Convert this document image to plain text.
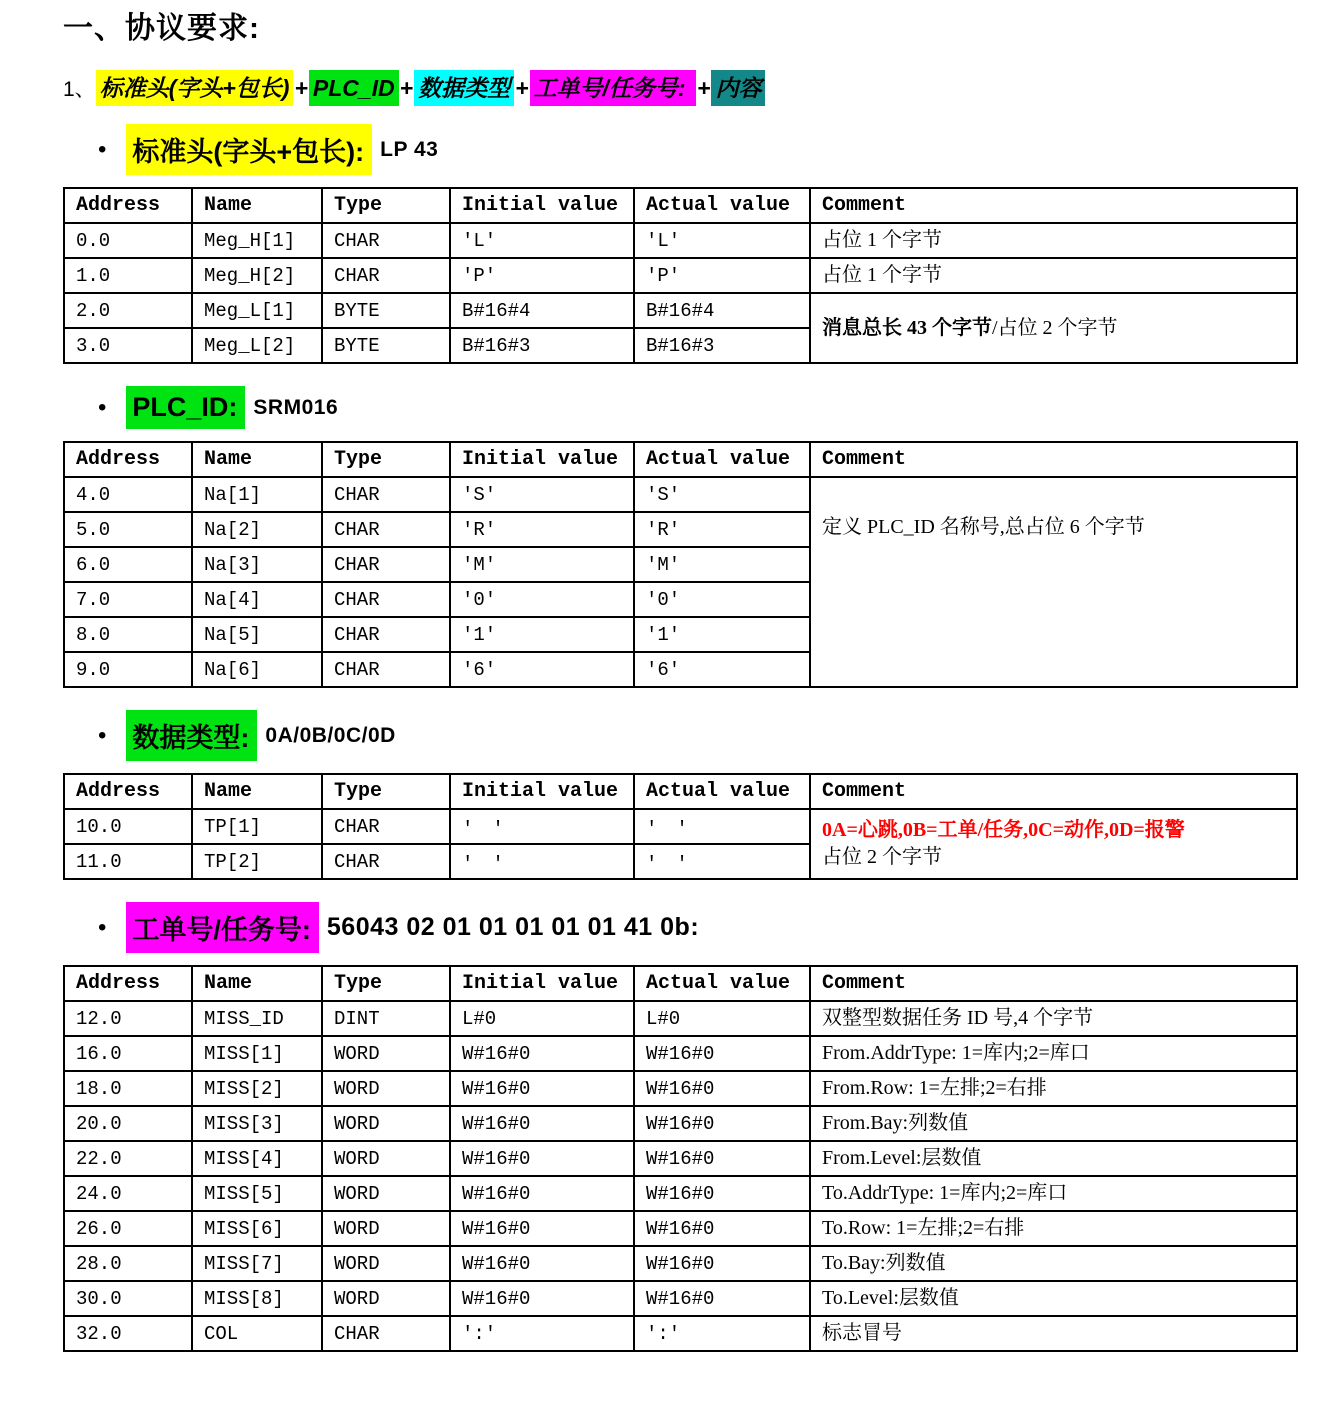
一、协议要求:
1、 标准头(字头+包长) + PLC_ID + 数据类型 + 工单号/任务号: + 内容
• 标准头(字头+包长): LP 43
Address	Name	Type	Initial value	Actual value	Comment
0.0	Meg_H[1]	CHAR	'L'	'L'	占位 1 个字节

1.0	Meg_H[2]	CHAR	'P'	'P'	占位 1 个字节

2.0	Meg_L[1]	BYTE	B#16#4	B#16#4	消息总长 43 个字节/占位 2 个字节

3.0	Meg_L[2]	BYTE	B#16#3	B#16#3	
• PLC_ID: SRM016
Address	Name	Type	Initial value	Actual value	Comment
4.0	Na[1]	CHAR	'S'	'S'	定义 PLC_ID 名称号,总占位 6 个字节

5.0	Na[2]	CHAR	'R'	'R'	
6.0	Na[3]	CHAR	'M'	'M'	
7.0	Na[4]	CHAR	'0'	'0'	
8.0	Na[5]	CHAR	'1'	'1'	
9.0	Na[6]	CHAR	'6'	'6'	
• 数据类型: 0A/0B/0C/0D
Address	Name	Type	Initial value	Actual value	Comment
10.0	TP[1]	CHAR	'　'	'　'	0A=心跳,0B=工单/任务,0C=动作,0D=报警
占位 2 个字节

11.0	TP[2]	CHAR	'　'	'　'	
• 工单号/任务号: 56043 02 01 01 01 01 01 41 0b:
Address	Name	Type	Initial value	Actual value	Comment
12.0	MISS_ID	DINT	L#0	L#0	双整型数据任务 ID 号,4 个字节

16.0	MISS[1]	WORD	W#16#0	W#16#0	From.AddrType: 1=库内;2=库口

18.0	MISS[2]	WORD	W#16#0	W#16#0	From.Row: 1=左排;2=右排

20.0	MISS[3]	WORD	W#16#0	W#16#0	From.Bay:列数值

22.0	MISS[4]	WORD	W#16#0	W#16#0	From.Level:层数值

24.0	MISS[5]	WORD	W#16#0	W#16#0	To.AddrType: 1=库内;2=库口

26.0	MISS[6]	WORD	W#16#0	W#16#0	To.Row: 1=左排;2=右排

28.0	MISS[7]	WORD	W#16#0	W#16#0	To.Bay:列数值

30.0	MISS[8]	WORD	W#16#0	W#16#0	To.Level:层数值

32.0	COL	CHAR	':'	':'	标志冒号
